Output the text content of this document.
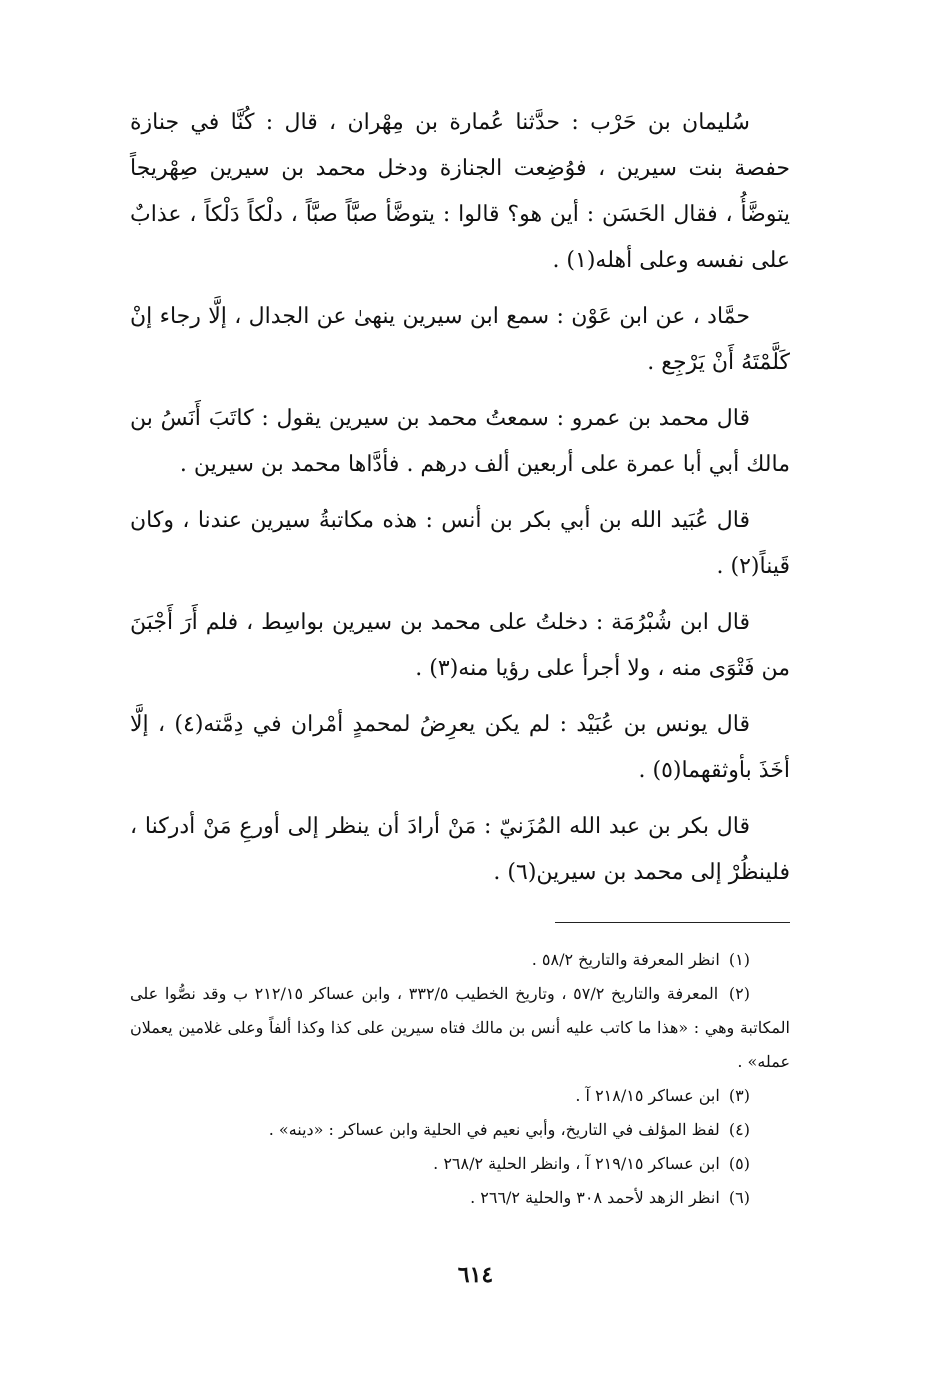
سُليمان بن حَرْب : حدَّثنا عُمارة بن مِهْران ، قال : كُنَّا في جنازة حفصة بنت سيرين ، فوُضِعت الجنازة ودخل محمد بن سيرين صِهْريجاً يتوضَّأُ ، فقال الحَسَن : أين هو؟ قالوا : يتوضَّأ صبَّاً صبَّاً ، دلْكاً دَلْكاً ، عذابٌ على نفسه وعلى أهله(١) .

حمَّاد ، عن ابن عَوْن : سمع ابن سيرين ينهىٰ عن الجدال ، إلَّا رجاء إنْ كَلَّمْتَهُ أَنْ يَرْجِع .

قال محمد بن عمرو : سمعتُ محمد بن سيرين يقول : كاتَبَ أَنَسُ بن مالك أبي أبا عمرة على أربعين ألف درهم . فأدَّاها محمد بن سيرين .

قال عُبَيد الله بن أبي بكر بن أنس : هذه مكاتبةُ سيرين عندنا ، وكان قَيناً(٢) .

قال ابن شُبْرُمَة : دخلتُ على محمد بن سيرين بواسِط ، فلم أَرَ أَجْبَنَ من فَتْوَى منه ، ولا أجرأ على رؤيا منه(٣) .

قال يونس بن عُبَيْد : لم يكن يعرِضُ لمحمدٍ أمْران في دِمَّته(٤) ، إلَّا أخَذَ بأوثقهما(٥) .

قال بكر بن عبد الله المُزَنيّ : مَنْ أرادَ أن ينظر إلى أورعِ مَنْ أدركنا ، فلينظُرْ إلى محمد بن سيرين(٦) .

(١) انظر المعرفة والتاريخ ٥٨/٢ .

(٢) المعرفة والتاريخ ٥٧/٢ ، وتاريخ الخطيب ٣٣٢/٥ ، وابن عساكر ٢١٢/١٥ ب وقد نصُّوا على المكاتبة وهي : «هذا ما كاتب عليه أنس بن مالك فتاه سيرين على كذا وكذا ألفاً وعلى غلامين يعملان عمله» .

(٣) ابن عساكر ٢١٨/١٥ آ .

(٤) لفظ المؤلف في التاريخ، وأبي نعيم في الحلية وابن عساكر : «دينه» .

(٥) ابن عساكر ٢١٩/١٥ آ ، وانظر الحلية ٢٦٨/٢ .

(٦) انظر الزهد لأحمد ٣٠٨ والحلية ٢٦٦/٢ .

٦١٤
